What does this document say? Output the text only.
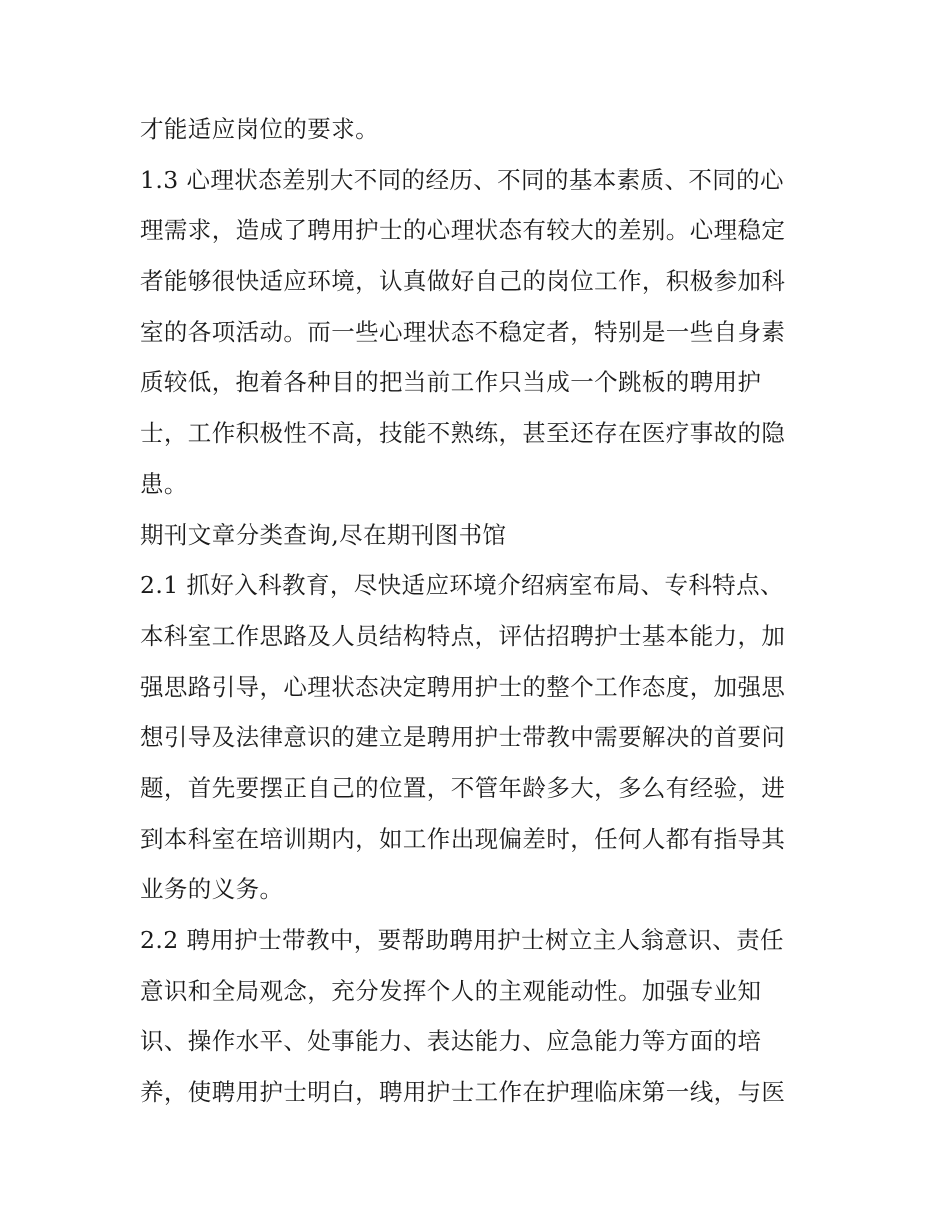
才能适应岗位的要求。
1.3 心理状态差别大不同的经历、不同的基本素质、不同的心
理需求，造成了聘用护士的心理状态有较大的差别。心理稳定
者能够很快适应环境，认真做好自己的岗位工作，积极参加科
室的各项活动。而一些心理状态不稳定者，特别是一些自身素
质较低，抱着各种目的把当前工作只当成一个跳板的聘用护
士，工作积极性不高，技能不熟练，甚至还存在医疗事故的隐
患。
期刊文章分类查询,尽在期刊图书馆
2.1 抓好入科教育，尽快适应环境介绍病室布局、专科特点、
本科室工作思路及人员结构特点，评估招聘护士基本能力，加
强思路引导，心理状态决定聘用护士的整个工作态度，加强思
想引导及法律意识的建立是聘用护士带教中需要解决的首要问
题，首先要摆正自己的位置，不管年龄多大，多么有经验，进
到本科室在培训期内，如工作出现偏差时，任何人都有指导其
业务的义务。
2.2 聘用护士带教中，要帮助聘用护士树立主人翁意识、责任
意识和全局观念，充分发挥个人的主观能动性。加强专业知
识、操作水平、处事能力、表达能力、应急能力等方面的培
养，使聘用护士明白，聘用护士工作在护理临床第一线，与医
